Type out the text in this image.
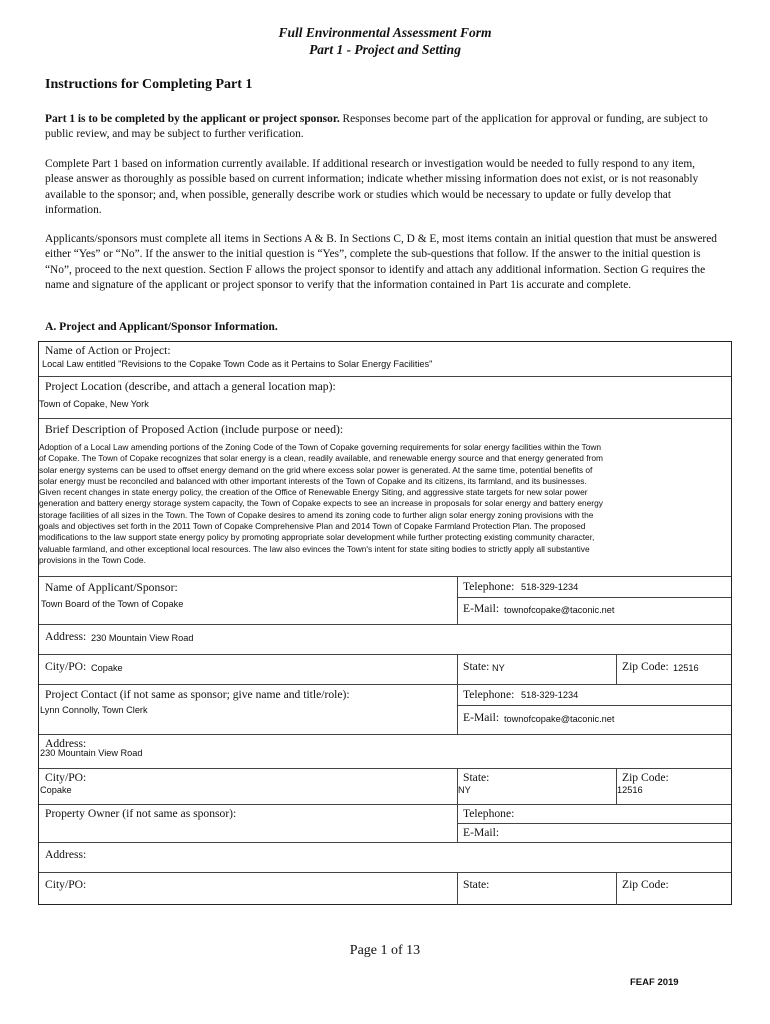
Full Environmental Assessment Form
Part 1 - Project and Setting
Instructions for Completing Part 1
Part 1 is to be completed by the applicant or project sponsor. Responses become part of the application for approval or funding, are subject to public review, and may be subject to further verification.
Complete Part 1 based on information currently available. If additional research or investigation would be needed to fully respond to any item, please answer as thoroughly as possible based on current information; indicate whether missing information does not exist, or is not reasonably available to the sponsor; and, when possible, generally describe work or studies which would be necessary to update or fully develop that information.
Applicants/sponsors must complete all items in Sections A & B. In Sections C, D & E, most items contain an initial question that must be answered either “Yes” or “No”. If the answer to the initial question is “Yes”, complete the sub-questions that follow. If the answer to the initial question is “No”, proceed to the next question. Section F allows the project sponsor to identify and attach any additional information. Section G requires the name and signature of the applicant or project sponsor to verify that the information contained in Part 1is accurate and complete.
A. Project and Applicant/Sponsor Information.
Name of Action or Project:
Local Law entitled "Revisions to the Copake Town Code as it Pertains to Solar Energy Facilities"
Project Location (describe, and attach a general location map):
Town of Copake, New York
Brief Description of Proposed Action (include purpose or need):
Adoption of a Local Law amending portions of the Zoning Code of the Town of Copake governing requirements for solar energy facilities within the Town
of Copake. The Town of Copake recognizes that solar energy is a clean, readily available, and renewable energy source and that energy generated from
solar energy systems can be used to offset energy demand on the grid where excess solar power is generated. At the same time, potential benefits of
solar energy must be reconciled and balanced with other important interests of the Town of Copake and its citizens, its farmland, and its businesses.
Given recent changes in state energy policy, the creation of the Office of Renewable Energy Siting, and aggressive state targets for new solar power
generation and battery energy storage system capacity, the Town of Copake expects to see an increase in proposals for solar energy and battery energy
storage facilities of all sizes in the Town. The Town of Copake desires to amend its zoning code to further align solar energy zoning provisions with the
goals and objectives set forth in the 2011 Town of Copake Comprehensive Plan and 2014 Town of Copake Farmland Protection Plan. The proposed
modifications to the law support state energy policy by promoting appropriate solar development while further protecting existing community character,
valuable farmland, and other exceptional local resources. The law also evinces the Town's intent for state siting bodies to strictly apply all substantive
provisions in the Town Code.
Name of Applicant/Sponsor:
Town Board of the Town of Copake
Telephone: 518-329-1234
E-Mail: townofcopake@taconic.net
Address: 230 Mountain View Road
City/PO: Copake	State: NY	Zip Code: 12516
Project Contact (if not same as sponsor; give name and title/role):
Lynn Connolly, Town Clerk
Telephone: 518-329-1234
E-Mail: townofcopake@taconic.net
Address:
230 Mountain View Road
City/PO:
Copake
State:
NY
Zip Code:
12516
Property Owner (if not same as sponsor):	Telephone:
E-Mail:
Address:
City/PO:	State:	Zip Code:
Page 1 of 13
FEAF 2019
